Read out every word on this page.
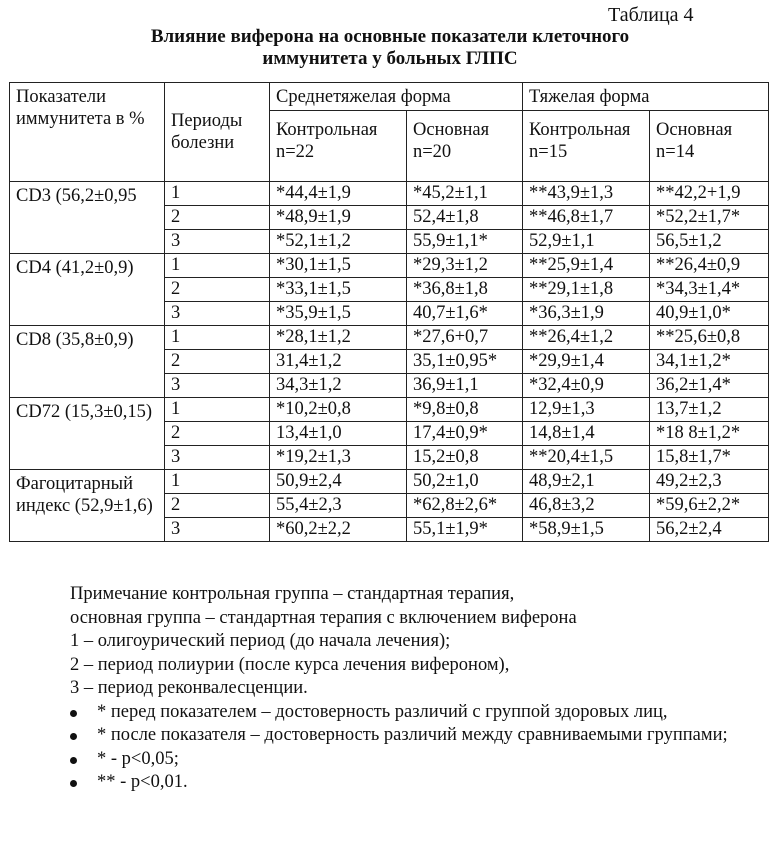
Таблица 4
Влияние виферона на основные показатели клеточного
иммунитета у больных ГЛПС
Показатели иммунитета в %	Периоды болезни	Среднетяжелая форма		Тяжелая форма	
		Контрольная n=22	Основная n=20	Контрольная n=15	Основная n=14
CD3 (56,2±0,95	1	*44,4±1,9	*45,2±1,1	**43,9±1,3	**42,2+1,9
	2	*48,9±1,9	52,4±1,8	**46,8±1,7	*52,2±1,7*
	3	*52,1±1,2	55,9±1,1*	52,9±1,1	56,5±1,2
CD4 (41,2±0,9)	1	*30,1±1,5	*29,3±1,2	**25,9±1,4	**26,4±0,9
	2	*33,1±1,5	*36,8±1,8	**29,1±1,8	*34,3±1,4*
	3	*35,9±1,5	40,7±1,6*	*36,3±1,9	40,9±1,0*
CD8 (35,8±0,9)	1	*28,1±1,2	*27,6+0,7	**26,4±1,2	**25,6±0,8
	2	31,4±1,2	35,1±0,95*	*29,9±1,4	34,1±1,2*
	3	34,3±1,2	36,9±1,1	*32,4±0,9	36,2±1,4*
CD72 (15,3±0,15)	1	*10,2±0,8	*9,8±0,8	12,9±1,3	13,7±1,2
	2	13,4±1,0	17,4±0,9*	14,8±1,4	*18 8±1,2*
	3	*19,2±1,3	15,2±0,8	**20,4±1,5	15,8±1,7*
Фагоцитарный индекс (52,9±1,6)	1	50,9±2,4	50,2±1,0	48,9±2,1	49,2±2,3
	2	55,4±2,3	*62,8±2,6*	46,8±3,2	*59,6±2,2*
	3	*60,2±2,2	55,1±1,9*	*58,9±1,5	56,2±2,4

Примечание контрольная группа – стандартная терапия,

основная группа – стандартная терапия с включением виферона

1 – олигоурический период (до начала лечения);

2 – период полиурии (после курса лечения вифероном),

3 – период реконвалесценции.

* перед показателем – достоверность различий с группой здоровых лиц,

* после показателя – достоверность различий между сравниваемыми группами;

* - р<0,05;

** - р<0,01.
